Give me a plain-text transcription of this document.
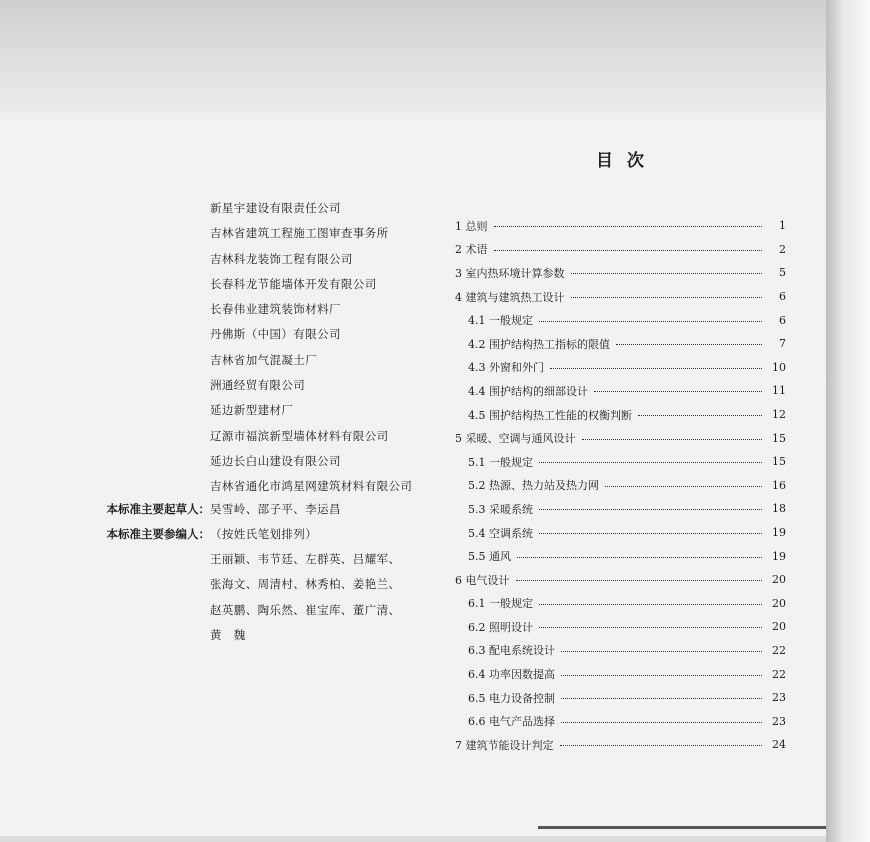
新星宇建设有限责任公司
吉林省建筑工程施工图审查事务所
吉林科龙装饰工程有限公司
长春科龙节能墙体开发有限公司
长春伟业建筑装饰材料厂
丹佛斯（中国）有限公司
吉林省加气混凝土厂
洲通经贸有限公司
延边新型建材厂
辽源市福滨新型墙体材料有限公司
延边长白山建设有限公司
吉林省通化市鸿星网建筑材料有限公司
本标准主要起草人： 吴雪岭、邵子平、李运昌
本标准主要参编人： （按姓氏笔划排列）
王丽颖、韦节廷、左群英、吕耀军、
张海文、周清村、林秀柏、姜艳兰、
赵英鹏、陶乐然、崔宝库、董广清、
黄　魏
目次
1 总则	1
2 术语	2
3 室内热环境计算参数	5
4 建筑与建筑热工设计	6
4.1 一般规定	6
4.2 围护结构热工指标的限值	7
4.3 外窗和外门	10
4.4 围护结构的细部设计	11
4.5 围护结构热工性能的权衡判断	12
5 采暖、空调与通风设计	15
5.1 一般规定	15
5.2 热源、热力站及热力网	16
5.3 采暖系统	18
5.4 空调系统	19
5.5 通风	19
6 电气设计	20
6.1 一般规定	20
6.2 照明设计	20
6.3 配电系统设计	22
6.4 功率因数提高	22
6.5 电力设备控制	23
6.6 电气产品选择	23
7 建筑节能设计判定	24
